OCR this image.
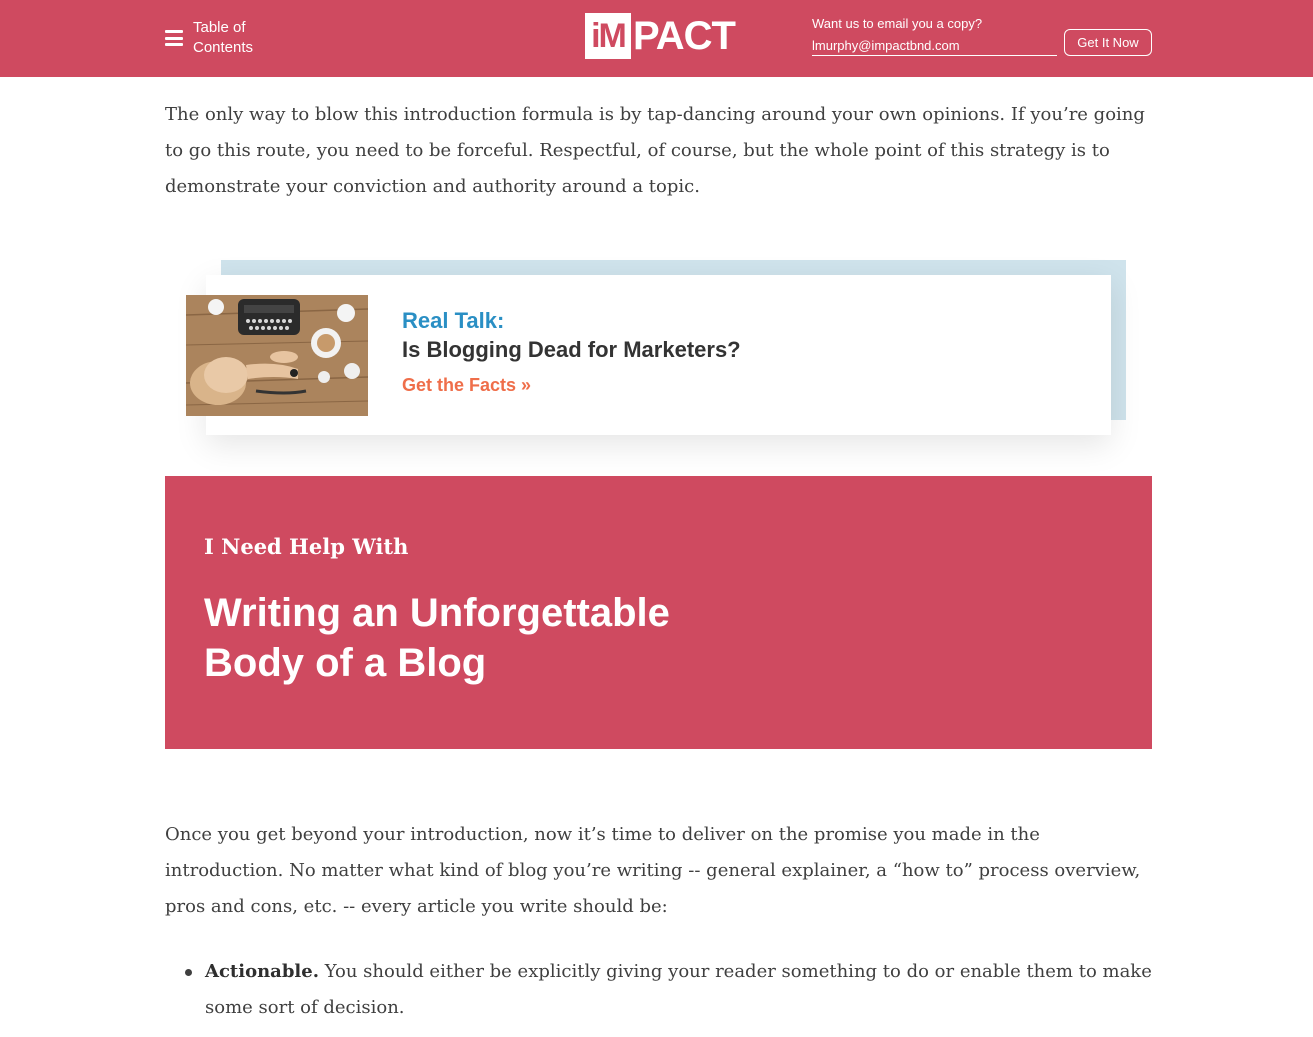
Table of
Contents	iM PACT	Want us to email you a copy?
lmurphy@impactbnd.com
Get It Now

The only way to blow this introduction formula is by tap-dancing around your own opinions. If you’re going to go this route, you need to be forceful. Respectful, of course, but the whole point of this strategy is to demonstrate your conviction and authority around a topic.

Real Talk:
Is Blogging Dead for Marketers?
Get the Facts »
I Need Help With
Writing an Unforgettable Body of a Blog

Once you get beyond your introduction, now it’s time to deliver on the promise you made in the introduction. No matter what kind of blog you’re writing -- general explainer, a “how to” process overview, pros and cons, etc. -- every article you write should be:

Actionable. You should either be explicitly giving your reader something to do or enable them to make some sort of decision.
